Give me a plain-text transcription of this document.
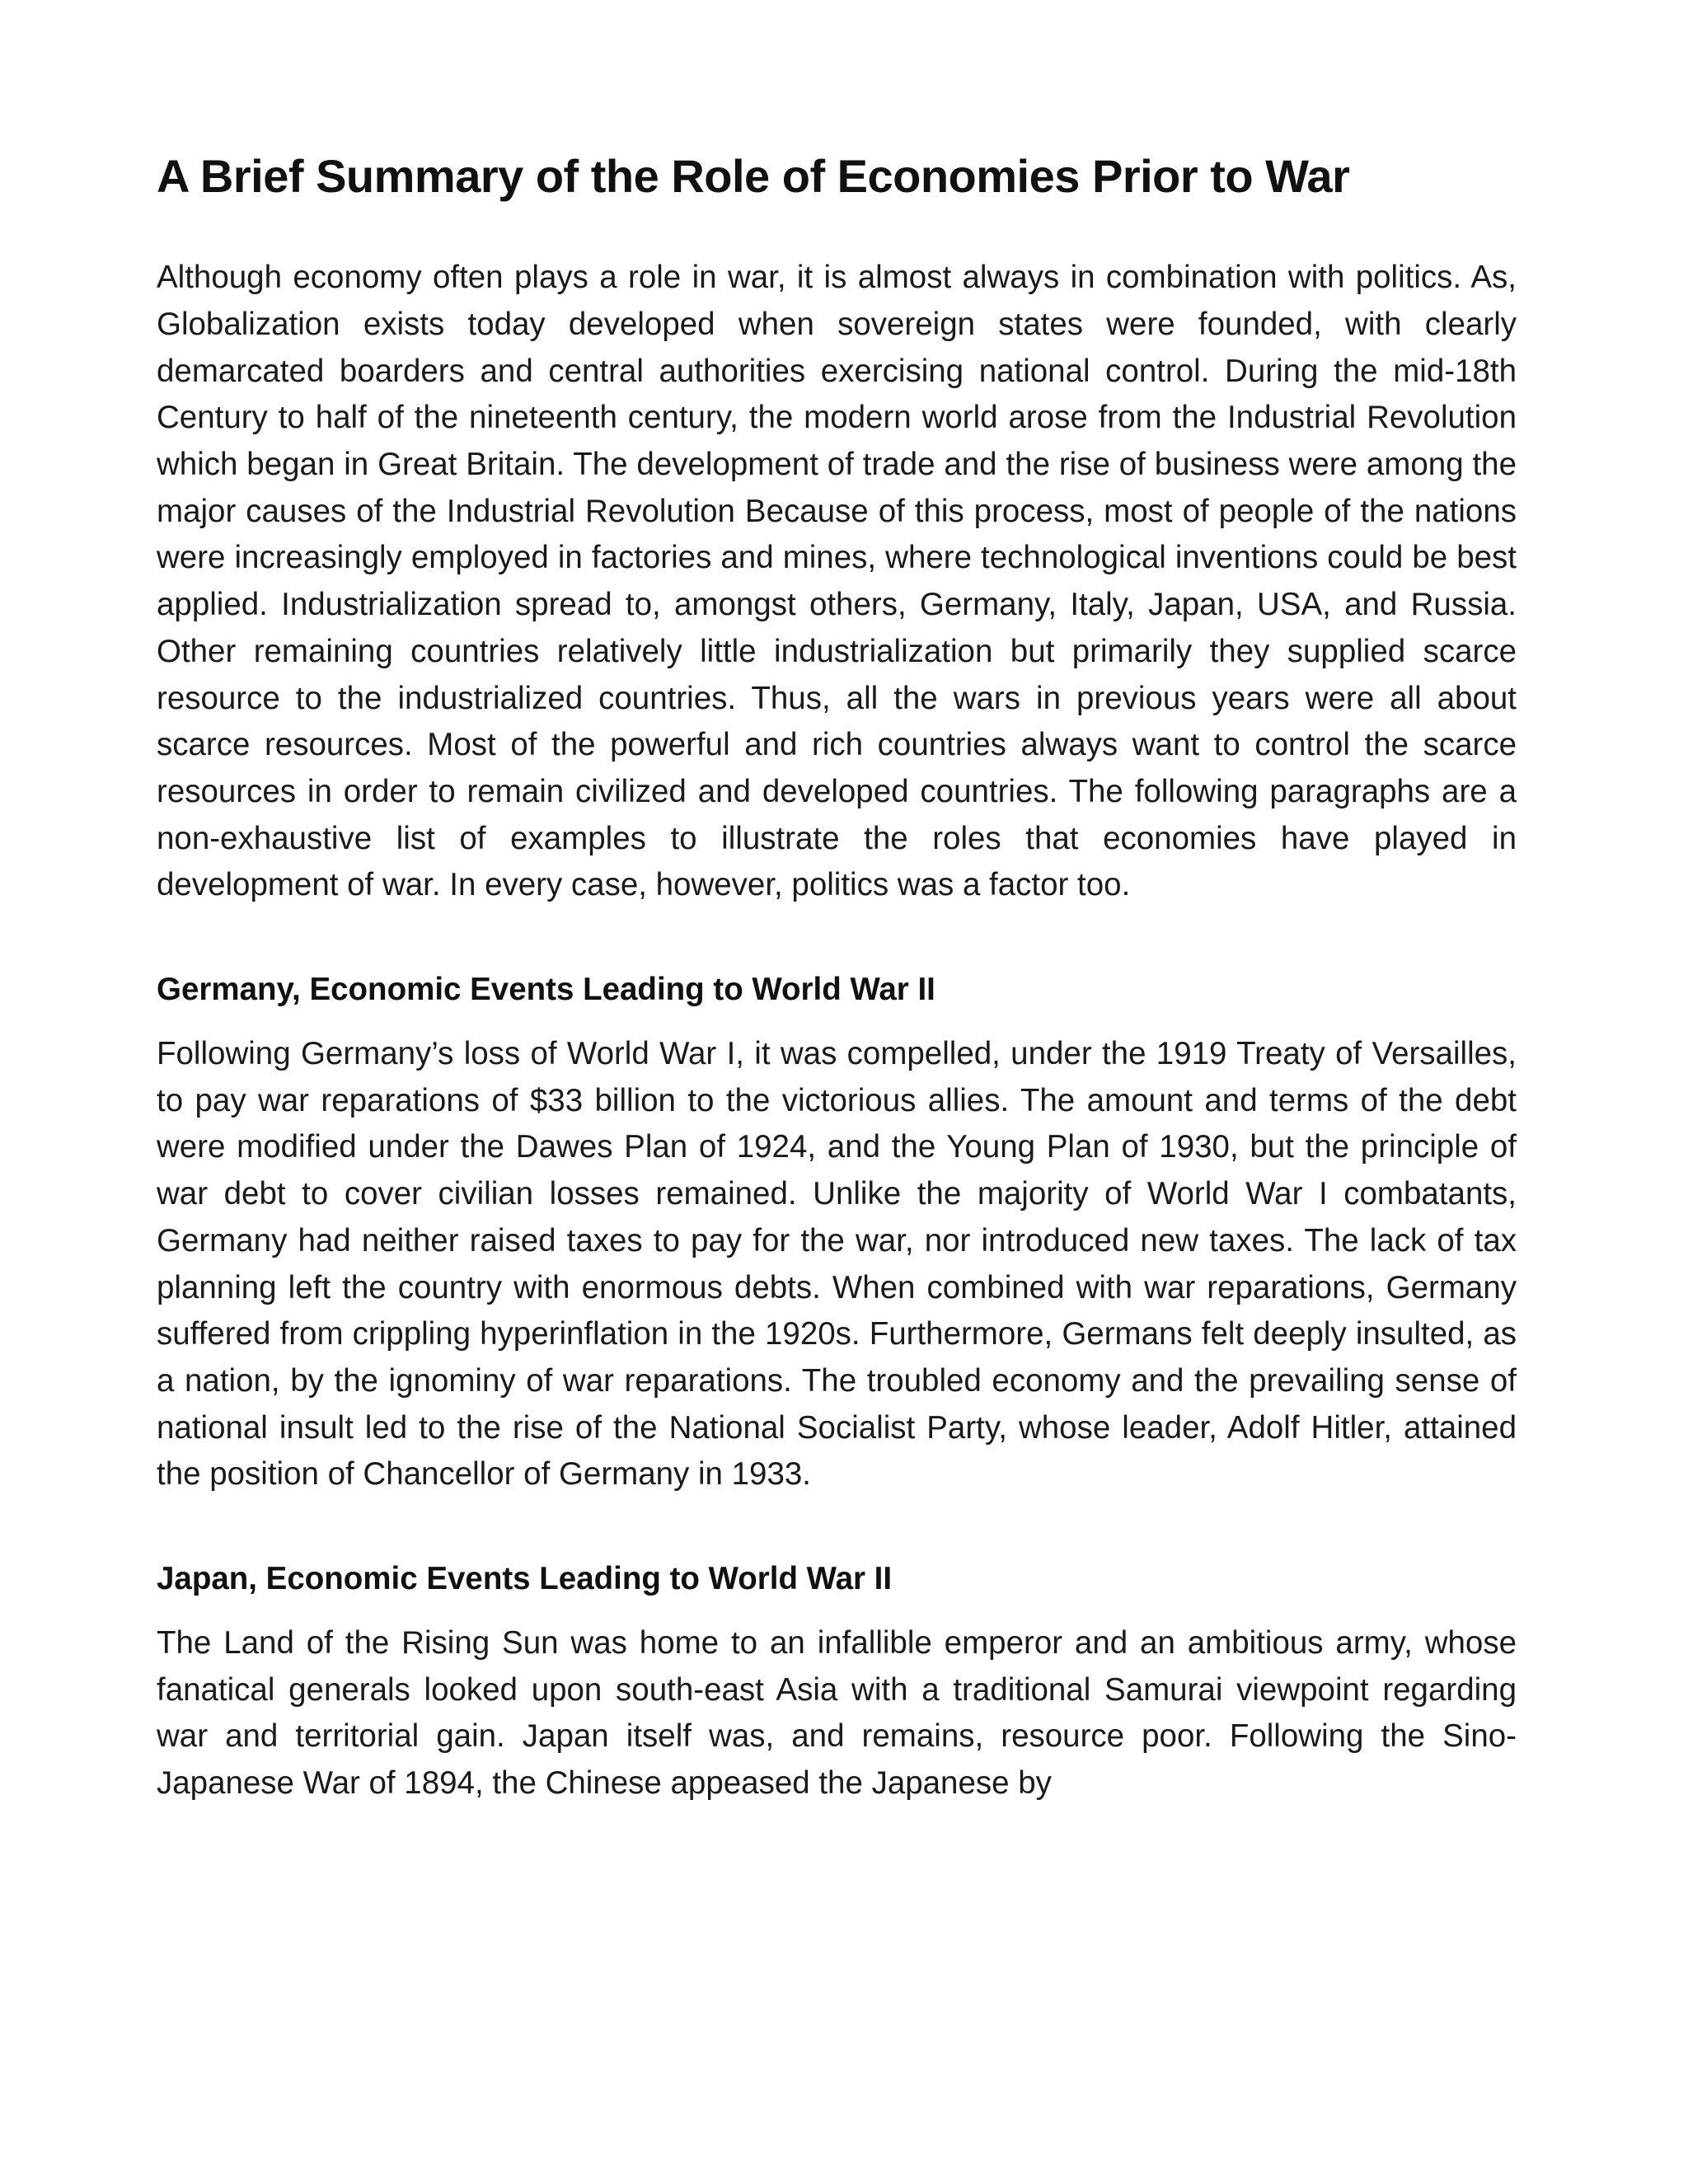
A Brief Summary of the Role of Economies Prior to War

Although economy often plays a role in war, it is almost always in combination with politics. As, Globalization exists today developed when sovereign states were founded, with clearly demarcated boarders and central authorities exercising national control. During the mid-18th Century to half of the nineteenth century, the modern world arose from the Industrial Revolution which began in Great Britain. The development of trade and the rise of business were among the major causes of the Industrial Revolution Because of this process, most of people of the nations were increasingly employed in factories and mines, where technological inventions could be best applied. Industrialization spread to, amongst others, Germany, Italy, Japan, USA, and Russia. Other remaining countries relatively little industrialization but primarily they supplied scarce resource to the industrialized countries. Thus, all the wars in previous years were all about scarce resources. Most of the powerful and rich countries always want to control the scarce resources in order to remain civilized and developed countries. The following paragraphs are a non-exhaustive list of examples to illustrate the roles that economies have played in development of war. In every case, however, politics was a factor too.

Germany, Economic Events Leading to World War II

Following Germany’s loss of World War I, it was compelled, under the 1919 Treaty of Versailles, to pay war reparations of $33 billion to the victorious allies. The amount and terms of the debt were modified under the Dawes Plan of 1924, and the Young Plan of 1930, but the principle of war debt to cover civilian losses remained. Unlike the majority of World War I combatants, Germany had neither raised taxes to pay for the war, nor introduced new taxes. The lack of tax planning left the country with enormous debts. When combined with war reparations, Germany suffered from crippling hyperinflation in the 1920s. Furthermore, Germans felt deeply insulted, as a nation, by the ignominy of war reparations. The troubled economy and the prevailing sense of national insult led to the rise of the National Socialist Party, whose leader, Adolf Hitler, attained the position of Chancellor of Germany in 1933.

Japan, Economic Events Leading to World War II

The Land of the Rising Sun was home to an infallible emperor and an ambitious army, whose fanatical generals looked upon south-east Asia with a traditional Samurai viewpoint regarding war and territorial gain. Japan itself was, and remains, resource poor. Following the Sino-Japanese War of 1894, the Chinese appeased the Japanese by
